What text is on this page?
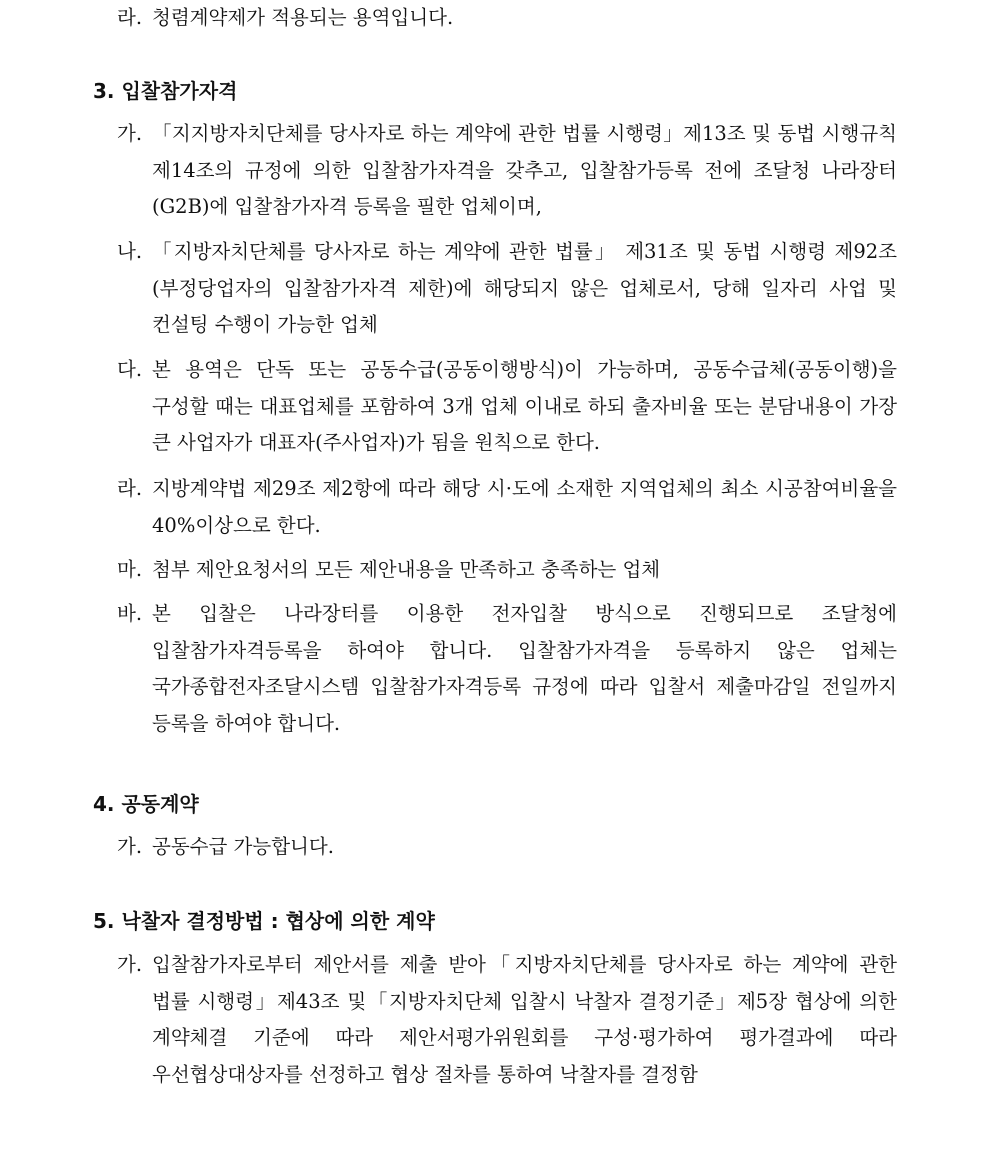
라. 청렴계약제가 적용되는 용역입니다.
3. 입찰참가자격
가. 「지지방자치단체를 당사자로 하는 계약에 관한 법률 시행령」제13조 및 동법 시행규칙 제14조의 규정에 의한 입찰참가자격을 갖추고, 입찰참가등록 전에 조달청 나라장터(G2B)에 입찰참가자격 등록을 필한 업체이며,
나. 「지방자치단체를 당사자로 하는 계약에 관한 법률」 제31조 및 동법 시행령 제92조(부정당업자의 입찰참가자격 제한)에 해당되지 않은 업체로서, 당해 일자리 사업 및 컨설팅 수행이 가능한 업체
다. 본 용역은 단독 또는 공동수급(공동이행방식)이 가능하며, 공동수급체(공동이행)을 구성할 때는 대표업체를 포함하여 3개 업체 이내로 하되 출자비율 또는 분담내용이 가장 큰 사업자가 대표자(주사업자)가 됨을 원칙으로 한다.
라. 지방계약법 제29조 제2항에 따라 해당 시·도에 소재한 지역업체의 최소 시공참여비율을 40%이상으로 한다.
마. 첨부 제안요청서의 모든 제안내용을 만족하고 충족하는 업체
바. 본 입찰은 나라장터를 이용한 전자입찰 방식으로 진행되므로 조달청에 입찰참가자격등록을 하여야 합니다. 입찰참가자격을 등록하지 않은 업체는 국가종합전자조달시스템 입찰참가자격등록 규정에 따라 입찰서 제출마감일 전일까지 등록을 하여야 합니다.
4. 공동계약
가. 공동수급 가능합니다.
5. 낙찰자 결정방법 : 협상에 의한 계약
가. 입찰참가자로부터 제안서를 제출 받아「지방자치단체를 당사자로 하는 계약에 관한 법률 시행령」제43조 및「지방자치단체 입찰시 낙찰자 결정기준」제5장 협상에 의한 계약체결 기준에 따라 제안서평가위원회를 구성·평가하여 평가결과에 따라 우선협상대상자를 선정하고 협상 절차를 통하여 낙찰자를 결정함
